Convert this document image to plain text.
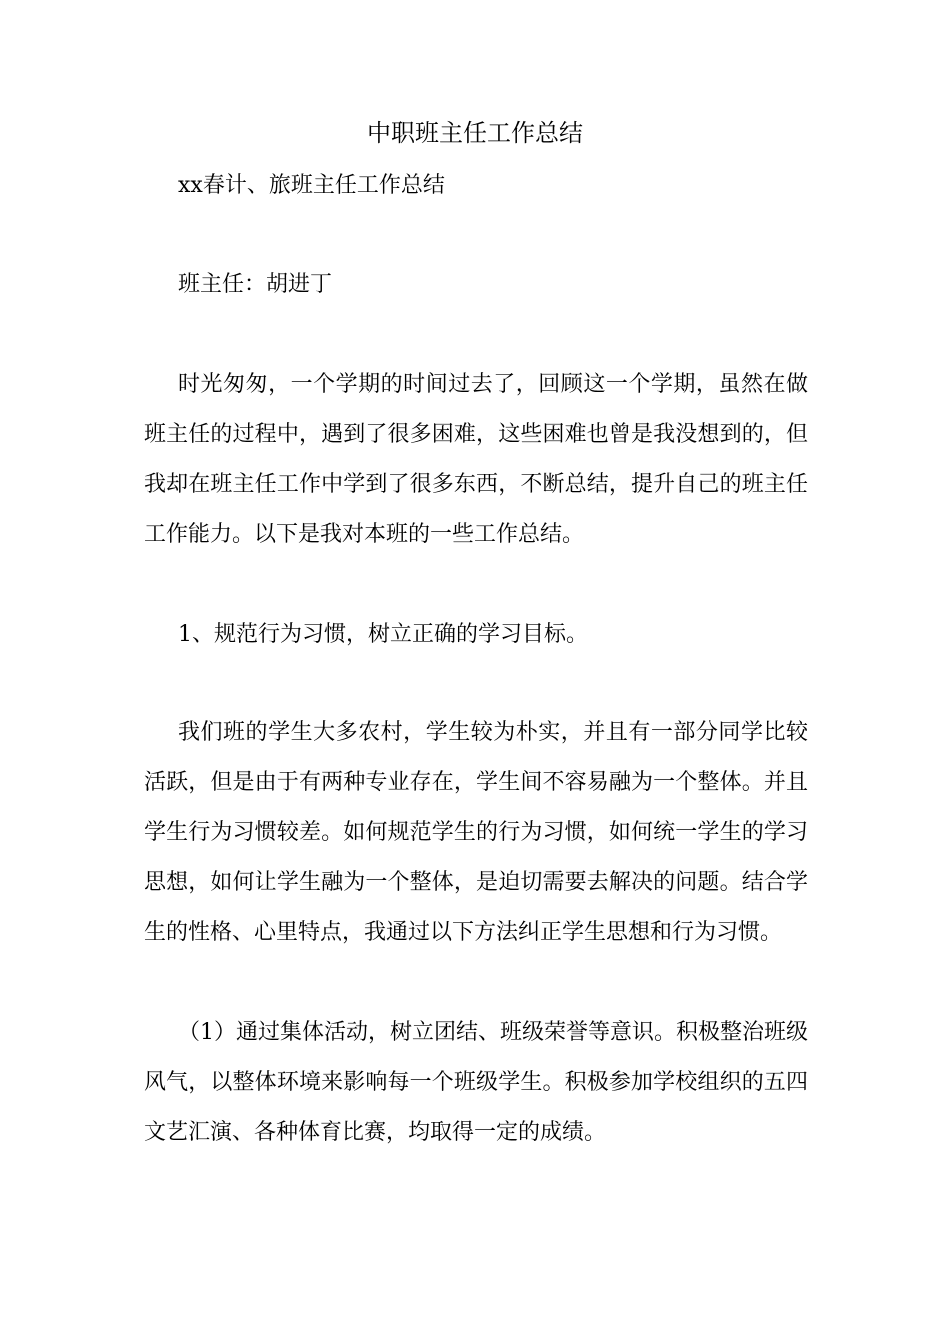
中职班主任工作总结

xx春计、旅班主任工作总结

班主任：胡进丁

时光匆匆，一个学期的时间过去了，回顾这一个学期，虽然在做班主任的过程中，遇到了很多困难，这些困难也曾是我没想到的，但我却在班主任工作中学到了很多东西，不断总结，提升自己的班主任工作能力。以下是我对本班的一些工作总结。

1、规范行为习惯，树立正确的学习目标。

我们班的学生大多农村，学生较为朴实，并且有一部分同学比较活跃，但是由于有两种专业存在，学生间不容易融为一个整体。并且学生行为习惯较差。如何规范学生的行为习惯，如何统一学生的学习思想，如何让学生融为一个整体，是迫切需要去解决的问题。结合学生的性格、心里特点，我通过以下方法纠正学生思想和行为习惯。

（1）通过集体活动，树立团结、班级荣誉等意识。积极整治班级风气，以整体环境来影响每一个班级学生。积极参加学校组织的五四文艺汇演、各种体育比赛，均取得一定的成绩。
